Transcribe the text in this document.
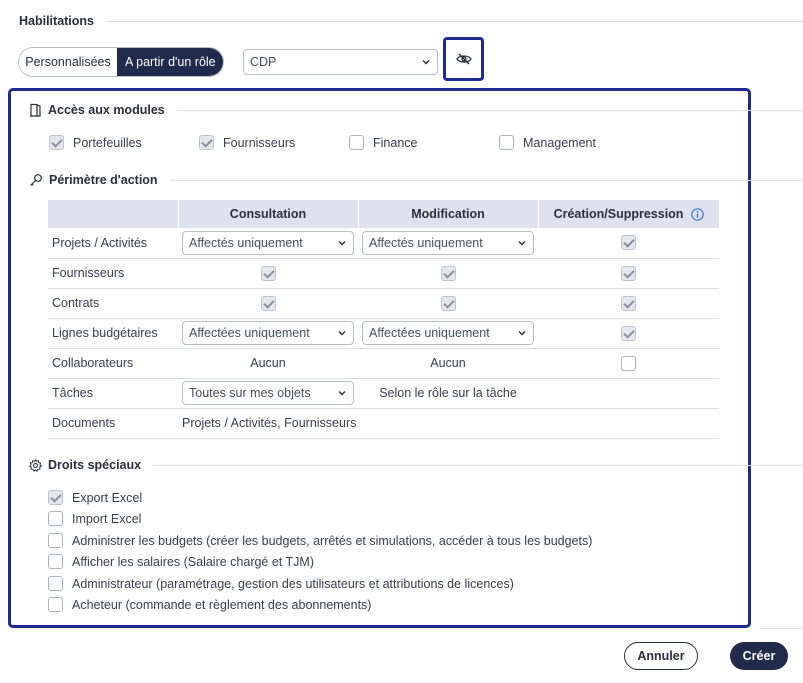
Habilitations
Personnalisées	A partir d'un rôle	CDP
Accès aux modules
Portefeuilles	Fournisseurs	Finance	Management
Périmètre d'action
	Consultation	Modification	Création/Suppression
Projets / Activités	Affectés uniquement	Affectés uniquement	

Fournisseurs			
Contrats			
Lignes budgétaires	Affectées uniquement	Affectées uniquement	

Collaborateurs	Aucun	Aucun	
Tâches	Toutes sur mes objets	Selon le rôle sur la tâche	
Documents	Projets / Activités, Fournisseurs		
Droits spéciaux
Export Excel
Import Excel
Administrer les budgets (créer les budgets, arrêtés et simulations, accéder à tous les budgets)
Afficher les salaires (Salaire chargé et TJM)
Administrateur (paramétrage, gestion des utilisateurs et attributions de licences)
Acheteur (commande et règlement des abonnements)
Annuler	Créer
